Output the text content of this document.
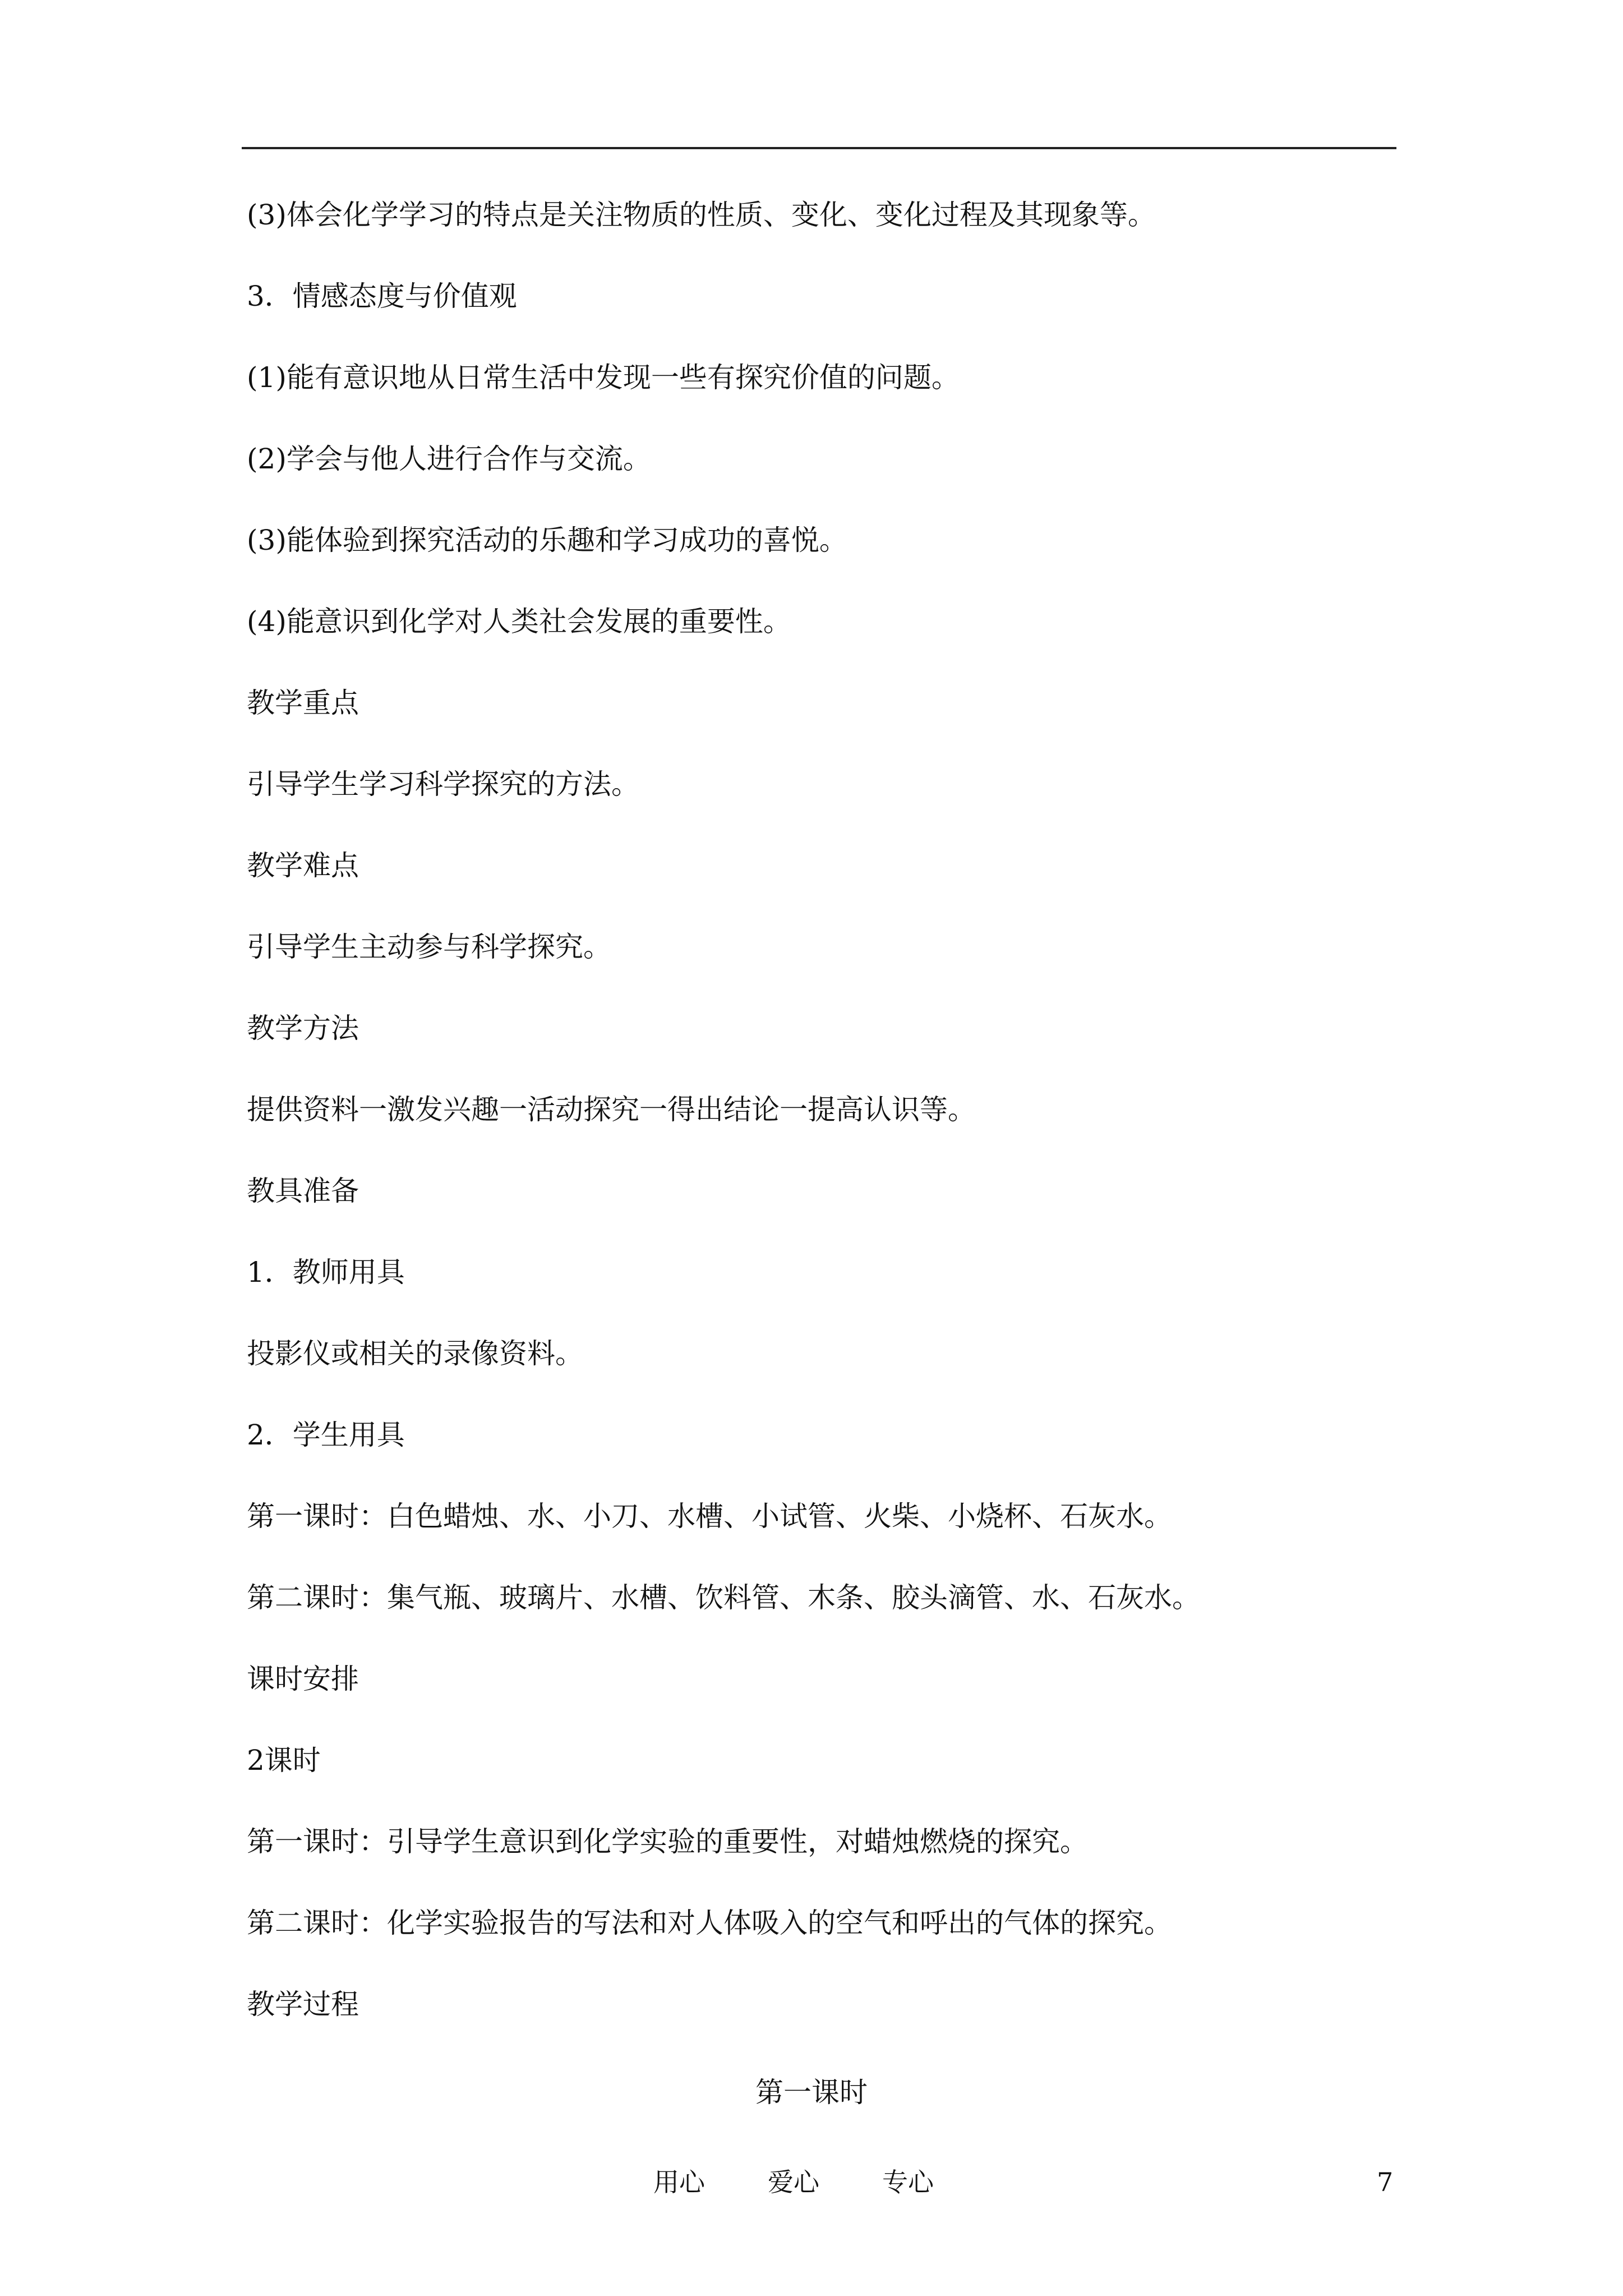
(3)体会化学学习的特点是关注物质的性质、变化、变化过程及其现象等。
3．情感态度与价值观
(1)能有意识地从日常生活中发现一些有探究价值的问题。
(2)学会与他人进行合作与交流。
(3)能体验到探究活动的乐趣和学习成功的喜悦。
(4)能意识到化学对人类社会发展的重要性。
教学重点
引导学生学习科学探究的方法。
教学难点
引导学生主动参与科学探究。
教学方法
提供资料一激发兴趣一活动探究一得出结论一提高认识等。
教具准备
1．教师用具
投影仪或相关的录像资料。
2．学生用具
第一课时：白色蜡烛、水、小刀、水槽、小试管、火柴、小烧杯、石灰水。
第二课时：集气瓶、玻璃片、水槽、饮料管、木条、胶头滴管、水、石灰水。
课时安排
2课时
第一课时：引导学生意识到化学实验的重要性，对蜡烛燃烧的探究。
第二课时：化学实验报告的写法和对人体吸入的空气和呼出的气体的探究。
教学过程
第一课时
用心 爱心 专心	7
